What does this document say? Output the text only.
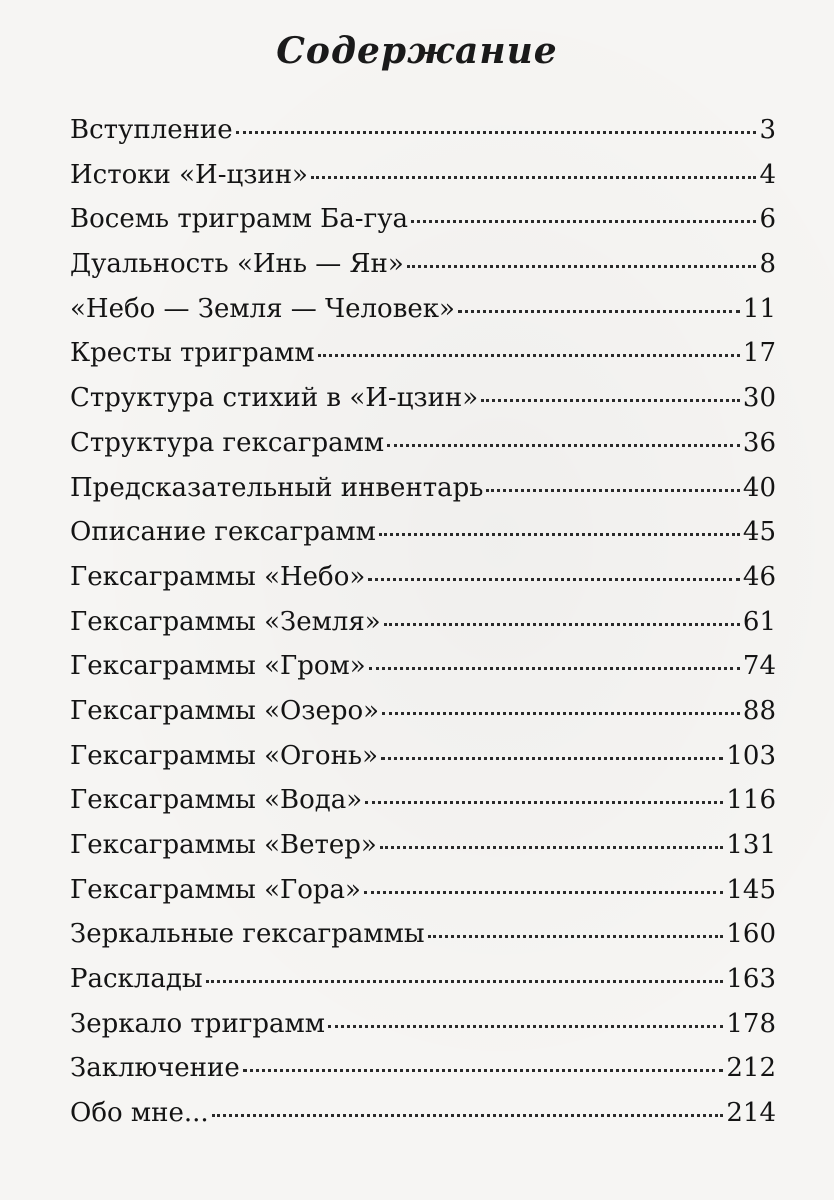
Содержание
Вступление	3
Истоки «И-цзин»	4
Восемь триграмм Ба-гуа	6
Дуальность «Инь — Ян»	8
«Небо — Земля — Человек»	11
Кресты триграмм	17
Структура стихий в «И-цзин»	30
Структура гексаграмм	36
Предсказательный инвентарь	40
Описание гексаграмм	45
Гексаграммы «Небо»	46
Гексаграммы «Земля»	61
Гексаграммы «Гром»	74
Гексаграммы «Озеро»	88
Гексаграммы «Огонь»	103
Гексаграммы «Вода»	116
Гексаграммы «Ветер»	131
Гексаграммы «Гора»	145
Зеркальные гексаграммы	160
Расклады	163
Зеркало триграмм	178
Заключение	212
Обо мне...	214
